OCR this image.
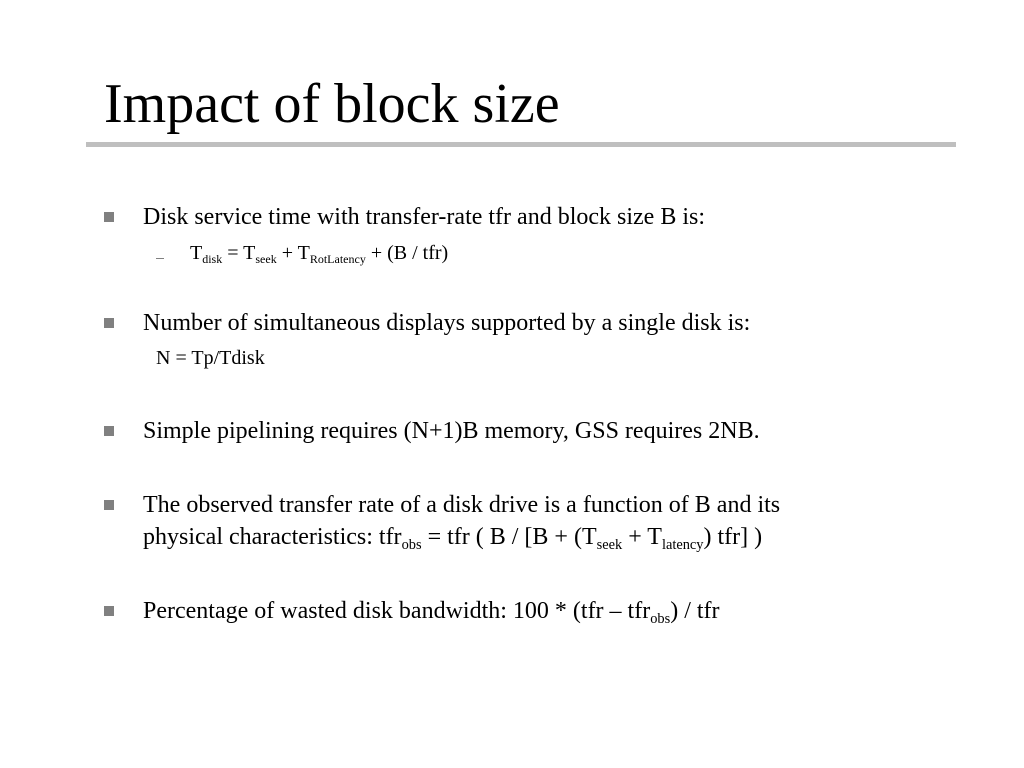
Impact of block size
Disk service time with transfer-rate tfr and block size B is:
$T_{disk} = T_{seek} + T_{RotLatency} + (B / tfr)$
Number of simultaneous displays supported by a single disk is:
N = Tp/Tdisk
Simple pipelining requires (N+1)B memory, GSS requires 2NB.
The observed transfer rate of a disk drive is a function of B and its
physical characteristics: tfr$_{obs}$ = tfr ( $B / [B + (T_{seek} + T_{latency})$ tfr] )
Percentage of wasted disk bandwidth: 100 * (tfr – tfr$_{obs}$) / tfr
